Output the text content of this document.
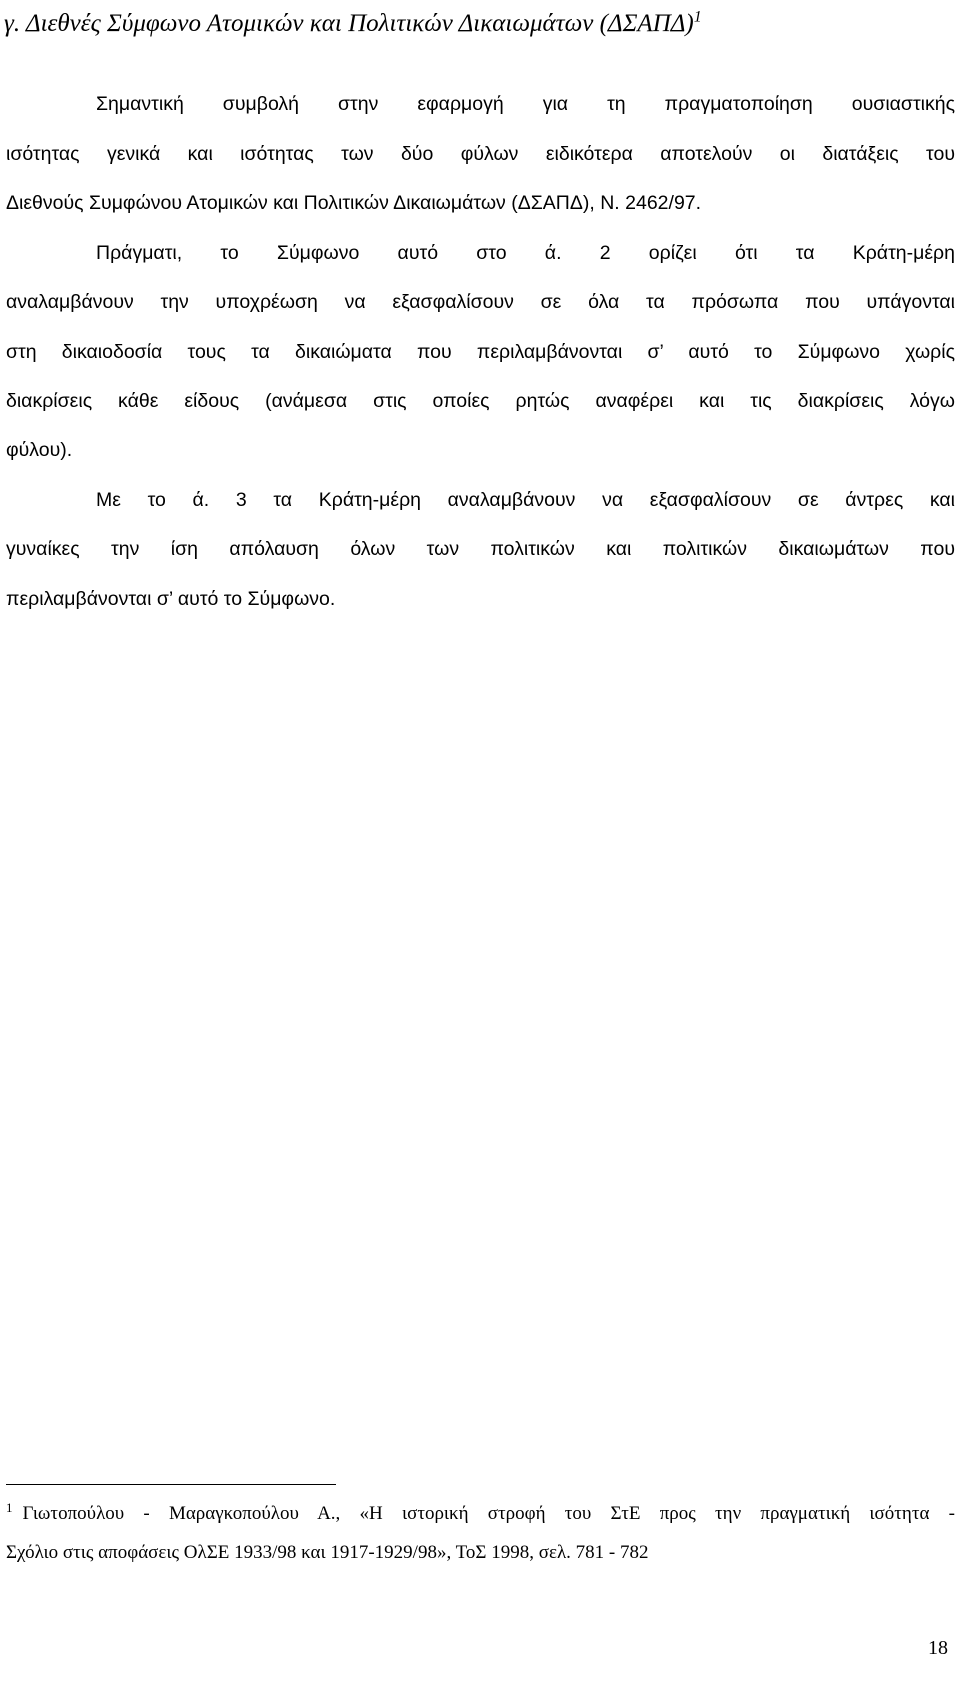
γ. Διεθνές Σύμφωνο Ατομικών και Πολιτικών Δικαιωμάτων $(\Delta\Sigma A\Pi\Delta)^1$
Σημαντική συμβολή στην εφαρμογή για τη πραγματοποίηση ουσιαστικής
ισότητας γενικά και ισότητας των δύο φύλων ειδικότερα αποτελούν οι διατάξεις του
Διεθνούς Συμφώνου Ατομικών και Πολιτικών Δικαιωμάτων (ΔΣΑΠΔ), Ν. 2462/97.
Πράγματι, το Σύμφωνο αυτό στο ά. 2 ορίζει ότι τα Κράτη-μέρη
αναλαμβάνουν την υποχρέωση να εξασφαλίσουν σε όλα τα πρόσωπα που υπάγονται
στη δικαιοδοσία τους τα δικαιώματα που περιλαμβάνονται σ’ αυτό το Σύμφωνο χωρίς
διακρίσεις κάθε είδους (ανάμεσα στις οποίες ρητώς αναφέρει και τις διακρίσεις λόγω
φύλου).
Με το ά. 3 τα Κράτη-μέρη αναλαμβάνουν να εξασφαλίσουν σε άντρες και
γυναίκες την ίση απόλαυση όλων των πολιτικών και πολιτικών δικαιωμάτων που
περιλαμβάνονται σ’ αυτό το Σύμφωνο.
$^1$ Γιωτοπούλου - Μαραγκοπούλου Α., «Η ιστορική στροφή του ΣτΕ προς την πραγματική ισότητα -
Σχόλιο στις αποφάσεις ΟλΣΕ 1933/98 και 1917-1929/98», ΤοΣ 1998, σελ. 781 - 782
18
